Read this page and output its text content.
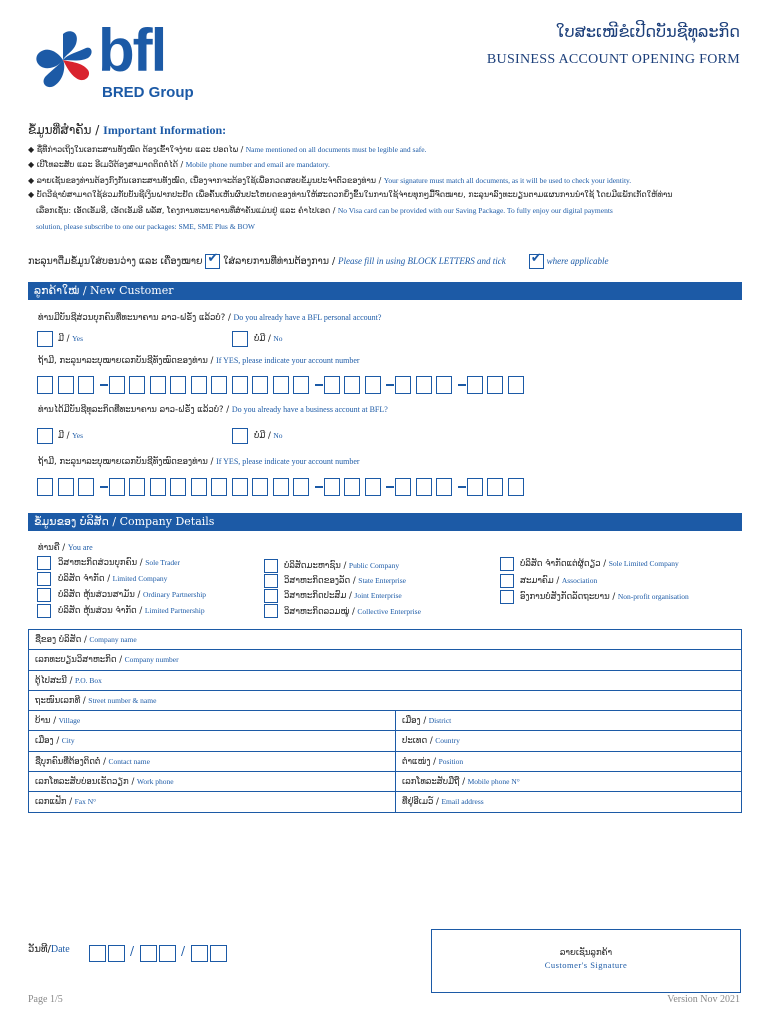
bfl
BRED Group
ໃບສະເໜີຂໍເປີດບັນຊີທຸລະກິດ
BUSINESS ACCOUNT OPENING FORM
ຂໍ້ມູນທີ່ສຳຄັນ / Important Information:
◆ ຊື່ທີ່ກ່າວເຖິງໃນເອກະສານທັງໝົດ ຕ້ອງເຂົ້າໃຈງ່າຍ ແລະ ປອດໄພ / Name mentioned on all documents must be legible and safe.
◆ ເບີໂທລະສັບ ແລະ ອີເມວ໌ຕ້ອງສາມາດຕິດຕໍ່ໄດ້ / Mobile phone number and email are mandatory.
◆ ລາຍເຊັນຂອງທ່ານຕ້ອງກົງກັນເອກະສານທັງໝົດ, ເນື່ອງຈາກຈະຕ້ອງໃຊ້ເພື່ອກວດສອບຂໍ້ມູນປະຈຳຕົວຂອງທ່ານ / Your signature must match all documents, as it will be used to check your identity.
◆ ບັດວີຊ່າບໍ່ສາມາດໃຊ້ຮ່ວມກັບບັນຊີເງິນຝາກປະຢັດ ເພື່ອຄົ້ນເຫັນຜົນປະໂຫຍດຂອງທ່ານໃຫ້ສະດວກຍິ່ງຂຶ້ນໃນການໃຊ້ຈ່າຍທຸກໆມື້ຈົດໝາຍ, ກະລຸນາລົງທະບຽນຕາມແຜນການນຳໃຊ້ ໂດຍມີແພັກເກັດໃຫ້ທ່ານ
ເລືອກເຊັ່ນ: ເອັດເອັມອີ, ເອັດເອັມອີ ພລັສ, ໂຄງການທະນາຄານທີ່ສຳຄັນແມ່ນຢູ່ ແລະ ຄຳໄປເອດ / No Visa card can be provided with our Saving Package. To fully enjoy our digital payments
solution, please subscribe to one our packages: SME, SME Plus & BOW
ກະລຸນາຕື່ມຂໍ້ມູນໃສ່ບອນວ່າງ ແລະ ເຄື່ອງໝາຍ ✔ ໃສ່ລາຍການທີ່ທ່ານຕ້ອງການ / Please fill in using BLOCK LETTERS and tick ✔ where applicable
ລູກຄ້າໃໝ່ / New Customer
ທ່ານມີບັນຊີສ່ວນບຸກຄົນທີ່ທະນາຄານ ລາວ-ຝຣັ່ງ ແລ້ວບໍ? / Do you already have a BFL personal account?
ມີ / Yes	ບໍ່ມີ / No
ຖ້າມີ, ກະລຸນາລະບຸໝາຍເລກບັນຊີທັງໝົດຂອງທ່ານ / If YES, please indicate your account number
ທ່ານໄດ້ມີບັນຊີທຸລະກິດທີ່ທະນາຄານ ລາວ-ຝຣັ່ງ ແລ້ວບໍ? / Do you already have a business account at BFL?
ມີ / Yes	ບໍ່ມີ / No
ຖ້າມີ, ກະລຸນາລະບຸໝາຍເລກບັນຊີທັງໝົດຂອງທ່ານ / If YES, please indicate your account number
ຂໍ້ມູນຂອງ ບໍລິສັດ / Company Details
ທ່ານຄື / You are
ວິສາຫະກິດສ່ວນບຸກຄົນ / Sole Trader
ບໍລິສັດ ຈຳກັດ / Limited Company
ບໍລິສັດ ຫຸ້ນສ່ວນສາມັນ / Ordinary Partnership
ບໍລິສັດ ຫຸ້ນສ່ວນ ຈຳກັດ / Limited Partnership
ບໍລິສັດມະຫາຊົນ / Public Company
ວິສາຫະກິດຂອງລັດ / State Enterprise
ວິສາຫະກິດປະສົມ / Joint Enterprise
ວິສາຫະກິດລວມໝູ່ / Collective Enterprise
ບໍລິສັດ ຈຳກັດແຕ່ຜູ້ດຽວ / Sole Limited Company
ສະມາຄົມ / Association
ອົງການບໍ່ສັງກັດລັດຖະບານ / Non-profit organisation
ຊື່ຂອງ ບໍລິສັດ / Company name
ເລກທະບຽນວິສາຫະກິດ / Company number
ຕູ້ໄປສະນີ / P.O. Box
ຖະໜົນເລກທີ / Street number & name
ບ້ານ / Village	ເມືອງ / District
ເມືອງ / City	ປະເທດ / Country
ຊື່ບຸກຄົນທີ່ຕ້ອງຕິດຕໍ່ / Contact name	ຕຳແໜ່ງ / Position
ເລກໂທລະສັບບ່ອນເຮັດວຽກ / Work phone	ເລກໂທລະສັບມືຖື / Mobile phone N°
ເລກແຟັກ / Fax N°	ທີ່ຢູ່ອີເມວ໌ / Email address
ວັນທີ/Date	/	/	ລາຍເຊັນລູກຄ້າ
Customer's Signature
Page 1/5	Version Nov 2021
